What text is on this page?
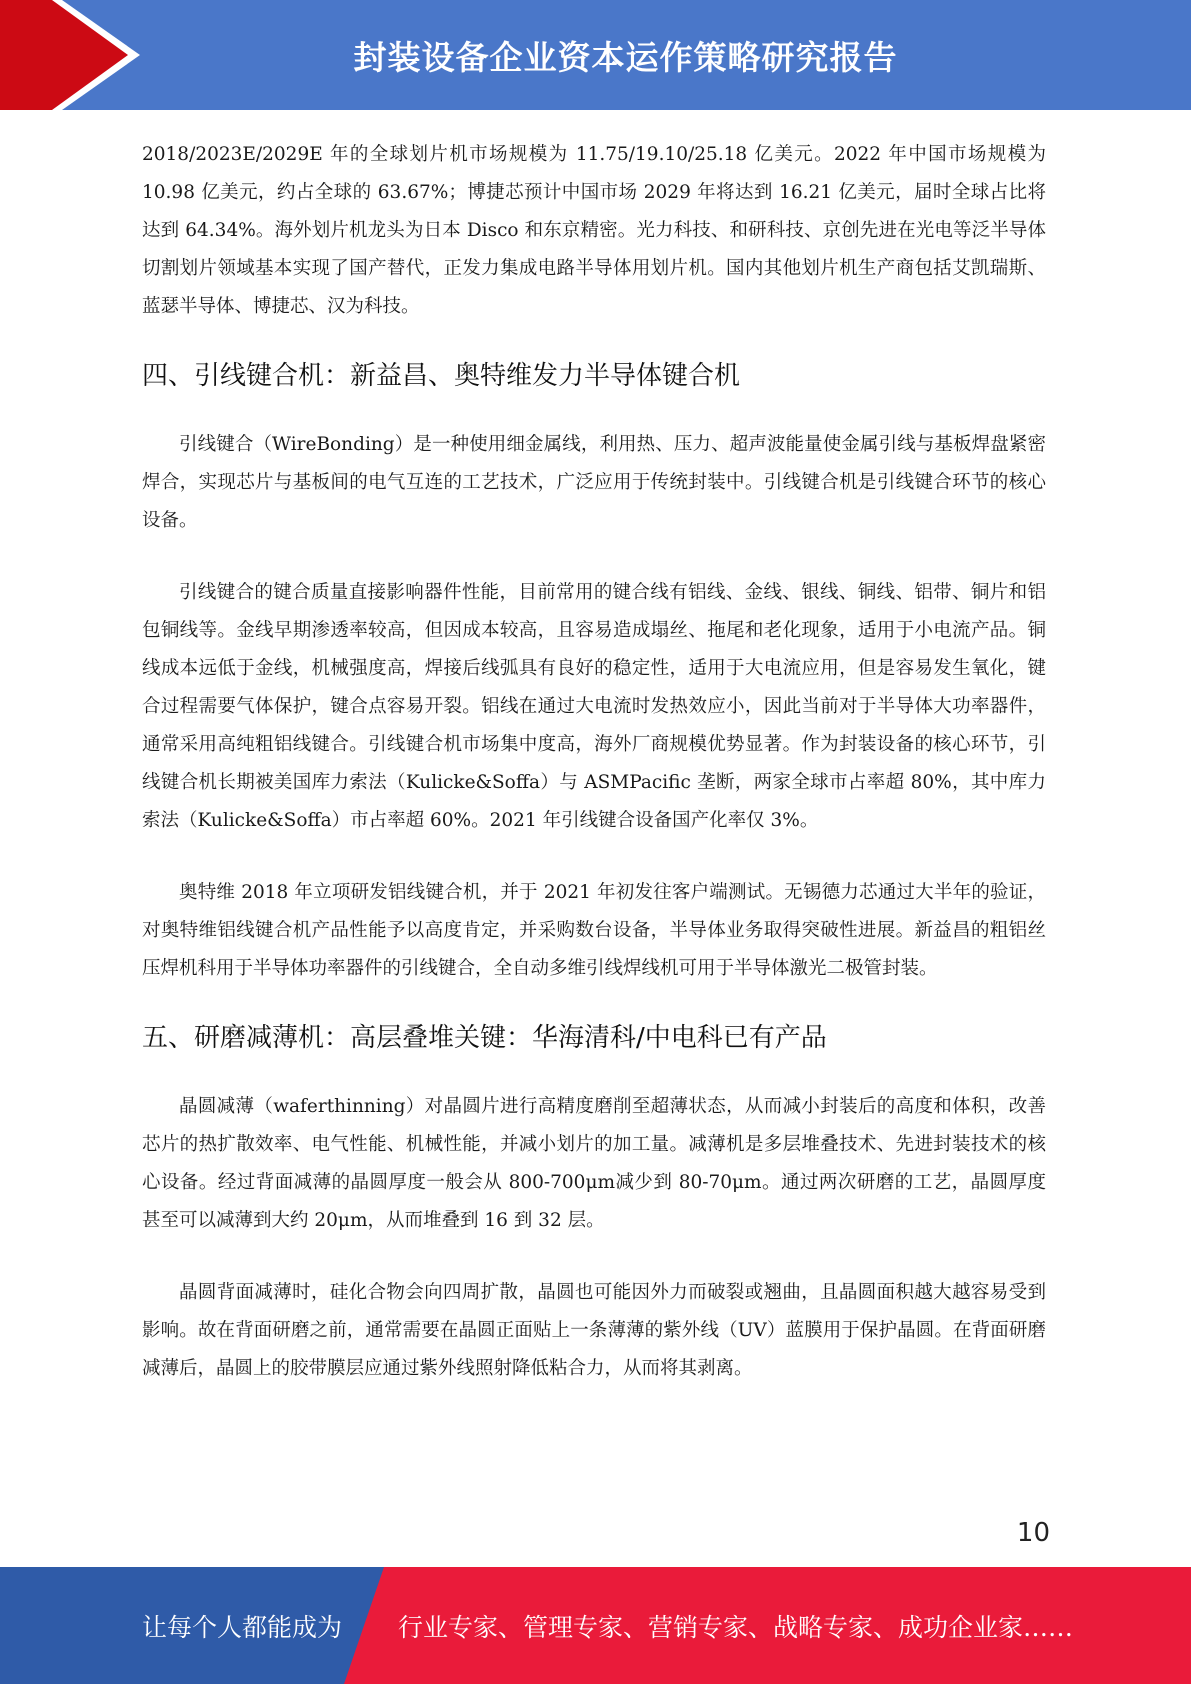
封装设备企业资本运作策略研究报告

2018/2023E/2029E 年的全球划片机市场规模为 11.75/19.10/25.18 亿美元。2022 年中国市场规模为 10.98 亿美元，约占全球的 63.67%；博捷芯预计中国市场 2029 年将达到 16.21 亿美元，届时全球占比将达到 64.34%。海外划片机龙头为日本 Disco 和东京精密。光力科技、和研科技、京创先进在光电等泛半导体切割划片领域基本实现了国产替代，正发力集成电路半导体用划片机。国内其他划片机生产商包括艾凯瑞斯、蓝瑟半导体、博捷芯、汉为科技。

四、引线键合机：新益昌、奥特维发力半导体键合机

引线键合（WireBonding）是一种使用细金属线，利用热、压力、超声波能量使金属引线与基板焊盘紧密焊合，实现芯片与基板间的电气互连的工艺技术，广泛应用于传统封装中。引线键合机是引线键合环节的核心设备。

引线键合的键合质量直接影响器件性能，目前常用的键合线有铝线、金线、银线、铜线、铝带、铜片和铝包铜线等。金线早期渗透率较高，但因成本较高，且容易造成塌丝、拖尾和老化现象，适用于小电流产品。铜线成本远低于金线，机械强度高，焊接后线弧具有良好的稳定性，适用于大电流应用，但是容易发生氧化，键合过程需要气体保护，键合点容易开裂。铝线在通过大电流时发热效应小，因此当前对于半导体大功率器件，通常采用高纯粗铝线键合。引线键合机市场集中度高，海外厂商规模优势显著。作为封装设备的核心环节，引线键合机长期被美国库力索法（Kulicke&Soffa）与 ASMPacific 垄断，两家全球市占率超 80%，其中库力索法（Kulicke&Soffa）市占率超 60%。2021 年引线键合设备国产化率仅 3%。

奥特维 2018 年立项研发铝线键合机，并于 2021 年初发往客户端测试。无锡德力芯通过大半年的验证，对奥特维铝线键合机产品性能予以高度肯定，并采购数台设备，半导体业务取得突破性进展。新益昌的粗铝丝压焊机科用于半导体功率器件的引线键合，全自动多维引线焊线机可用于半导体激光二极管封装。

五、研磨减薄机：高层叠堆关键：华海清科/中电科已有产品

晶圆减薄（waferthinning）对晶圆片进行高精度磨削至超薄状态，从而减小封装后的高度和体积，改善芯片的热扩散效率、电气性能、机械性能，并减小划片的加工量。减薄机是多层堆叠技术、先进封装技术的核心设备。经过背面减薄的晶圆厚度一般会从 800-700μm减少到 80-70μm。通过两次研磨的工艺，晶圆厚度甚至可以减薄到大约 20μm，从而堆叠到 16 到 32 层。

晶圆背面减薄时，硅化合物会向四周扩散，晶圆也可能因外力而破裂或翘曲，且晶圆面积越大越容易受到影响。故在背面研磨之前，通常需要在晶圆正面贴上一条薄薄的紫外线（UV）蓝膜用于保护晶圆。在背面研磨减薄后，晶圆上的胶带膜层应通过紫外线照射降低粘合力，从而将其剥离。

10
让每个人都能成为 行业专家、管理专家、营销专家、战略专家、成功企业家……
